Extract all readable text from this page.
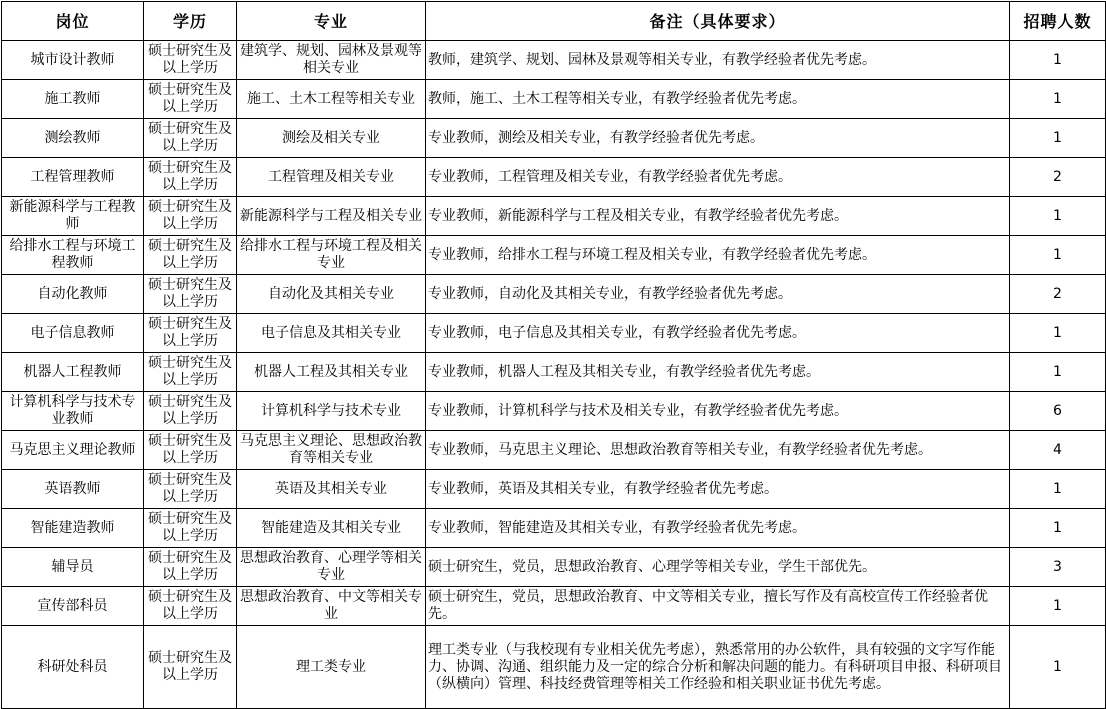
岗位	学历	专业	备注（具体要求）	招聘人数
城市设计教师	硕士研究生及以上学历	建筑学、规划、园林及景观等相关专业	教师，建筑学、规划、园林及景观等相关专业，有教学经验者优先考虑。	1
施工教师	硕士研究生及以上学历	施工、土木工程等相关专业	教师，施工、土木工程等相关专业，有教学经验者优先考虑。	1
测绘教师	硕士研究生及以上学历	测绘及相关专业	专业教师，测绘及相关专业，有教学经验者优先考虑。	1
工程管理教师	硕士研究生及以上学历	工程管理及相关专业	专业教师，工程管理及相关专业，有教学经验者优先考虑。	2
新能源科学与工程教师	硕士研究生及以上学历	新能源科学与工程及相关专业	专业教师，新能源科学与工程及相关专业，有教学经验者优先考虑。	1
给排水工程与环境工程教师	硕士研究生及以上学历	给排水工程与环境工程及相关专业	专业教师，给排水工程与环境工程及相关专业，有教学经验者优先考虑。	1
自动化教师	硕士研究生及以上学历	自动化及其相关专业	专业教师，自动化及其相关专业，有教学经验者优先考虑。	2
电子信息教师	硕士研究生及以上学历	电子信息及其相关专业	专业教师，电子信息及其相关专业，有教学经验者优先考虑。	1
机器人工程教师	硕士研究生及以上学历	机器人工程及其相关专业	专业教师，机器人工程及其相关专业，有教学经验者优先考虑。	1
计算机科学与技术专业教师	硕士研究生及以上学历	计算机科学与技术专业	专业教师，计算机科学与技术及相关专业，有教学经验者优先考虑。	6
马克思主义理论教师	硕士研究生及以上学历	马克思主义理论、思想政治教育等相关专业	专业教师，马克思主义理论、思想政治教育等相关专业，有教学经验者优先考虑。	4
英语教师	硕士研究生及以上学历	英语及其相关专业	专业教师，英语及其相关专业，有教学经验者优先考虑。	1
智能建造教师	硕士研究生及以上学历	智能建造及其相关专业	专业教师，智能建造及其相关专业，有教学经验者优先考虑。	1
辅导员	硕士研究生及以上学历	思想政治教育、心理学等相关专业	硕士研究生，党员，思想政治教育、心理学等相关专业，学生干部优先。	3
宣传部科员	硕士研究生及以上学历	思想政治教育、中文等相关专业	硕士研究生，党员，思想政治教育、中文等相关专业，擅长写作及有高校宣传工作经验者优先。	1
科研处科员	硕士研究生及以上学历	理工类专业	理工类专业（与我校现有专业相关优先考虑），熟悉常用的办公软件，具有较强的文字写作能力、协调、沟通、组织能力及一定的综合分析和解决问题的能力。有科研项目申报、科研项目（纵横向）管理、科技经费管理等相关工作经验和相关职业证书优先考虑。	1
